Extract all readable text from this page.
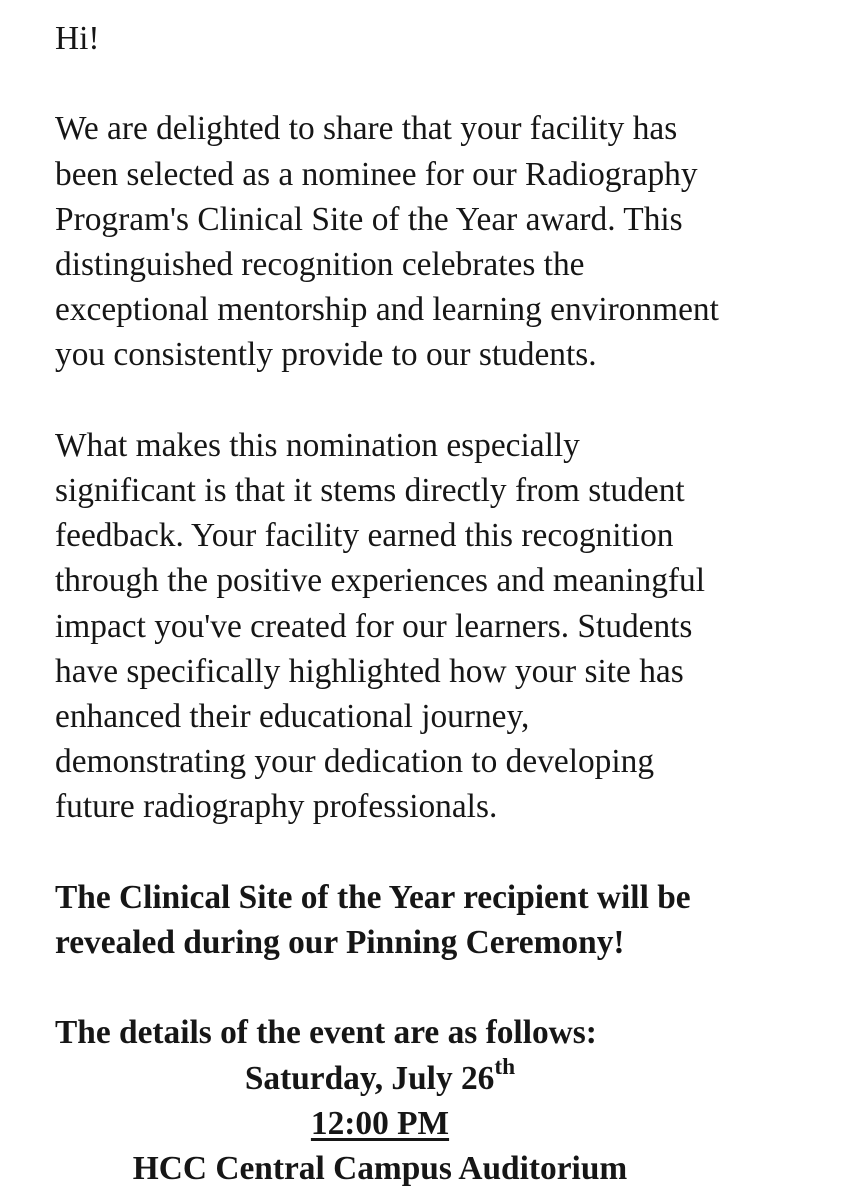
Hi!

We are delighted to share that your facility has
been selected as a nominee for our Radiography
Program's Clinical Site of the Year award. This
distinguished recognition celebrates the
exceptional mentorship and learning environment
you consistently provide to our students.

What makes this nomination especially
significant is that it stems directly from student
feedback. Your facility earned this recognition
through the positive experiences and meaningful
impact you've created for our learners. Students
have specifically highlighted how your site has
enhanced their educational journey,
demonstrating your dedication to developing
future radiography professionals.

The Clinical Site of the Year recipient will be
revealed during our Pinning Ceremony!

The details of the event are as follows:

Saturday, July 26th
12:00 PM
HCC Central Campus Auditorium
